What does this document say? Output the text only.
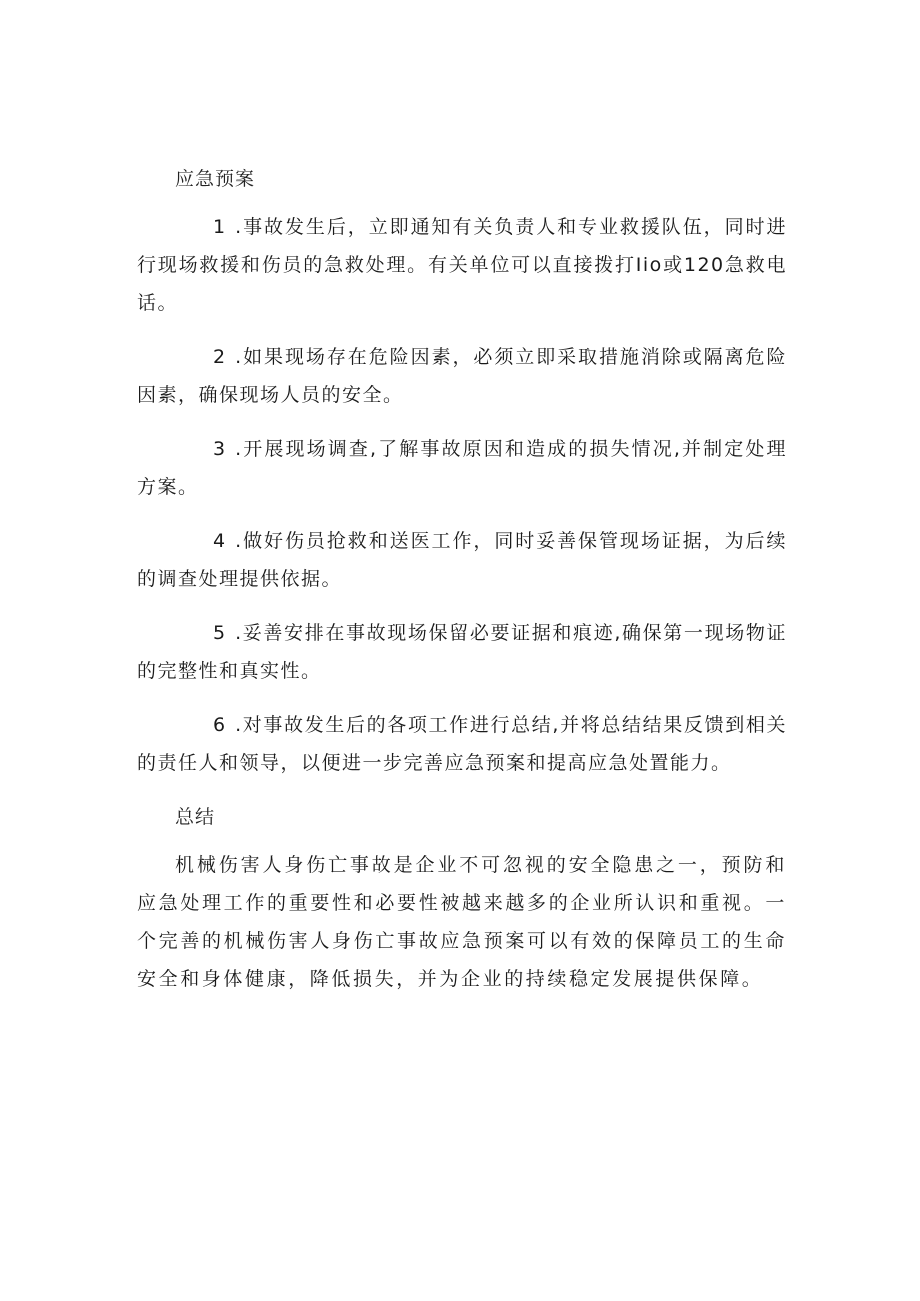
应急预案

1 .事故发生后，立即通知有关负责人和专业救援队伍，同时进行现场救援和伤员的急救处理。有关单位可以直接拨打Iio或120急救电话。

2 .如果现场存在危险因素，必须立即采取措施消除或隔离危险因素，确保现场人员的安全。

3 .开展现场调查,了解事故原因和造成的损失情况,并制定处理方案。

4 .做好伤员抢救和送医工作，同时妥善保管现场证据，为后续的调查处理提供依据。

5 .妥善安排在事故现场保留必要证据和痕迹,确保第一现场物证的完整性和真实性。

6 .对事故发生后的各项工作进行总结,并将总结结果反馈到相关的责任人和领导，以便进一步完善应急预案和提高应急处置能力。

总结

机械伤害人身伤亡事故是企业不可忽视的安全隐患之一，预防和应急处理工作的重要性和必要性被越来越多的企业所认识和重视。一个完善的机械伤害人身伤亡事故应急预案可以有效的保障员工的生命安全和身体健康，降低损失，并为企业的持续稳定发展提供保障。
